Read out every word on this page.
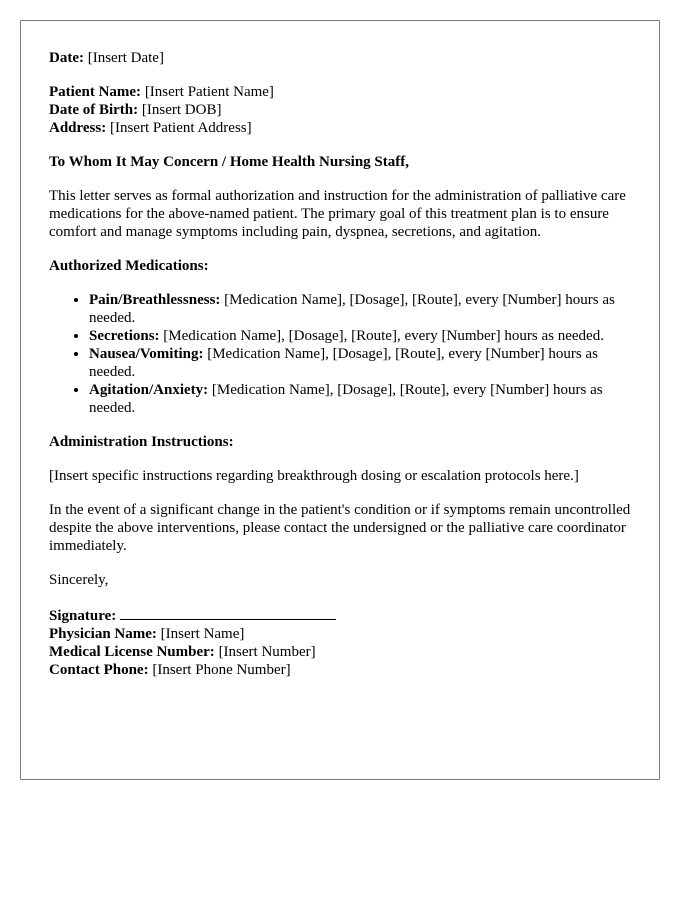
Date: [Insert Date]

Patient Name: [Insert Patient Name]

Date of Birth: [Insert DOB]

Address: [Insert Patient Address]

To Whom It May Concern / Home Health Nursing Staff,

This letter serves as formal authorization and instruction for the administration of palliative care medications for the above-named patient. The primary goal of this treatment plan is to ensure comfort and manage symptoms including pain, dyspnea, secretions, and agitation.

Authorized Medications:

• Pain/Breathlessness: [Medication Name], [Dosage], [Route], every [Number] hours as needed.
• Secretions: [Medication Name], [Dosage], [Route], every [Number] hours as needed.
• Nausea/Vomiting: [Medication Name], [Dosage], [Route], every [Number] hours as needed.
• Agitation/Anxiety: [Medication Name], [Dosage], [Route], every [Number] hours as needed.

Administration Instructions:

[Insert specific instructions regarding breakthrough dosing or escalation protocols here.]

In the event of a significant change in the patient's condition or if symptoms remain uncontrolled despite the above interventions, please contact the undersigned or the palliative care coordinator immediately.

Sincerely,

Signature:

Physician Name: [Insert Name]

Medical License Number: [Insert Number]

Contact Phone: [Insert Phone Number]
